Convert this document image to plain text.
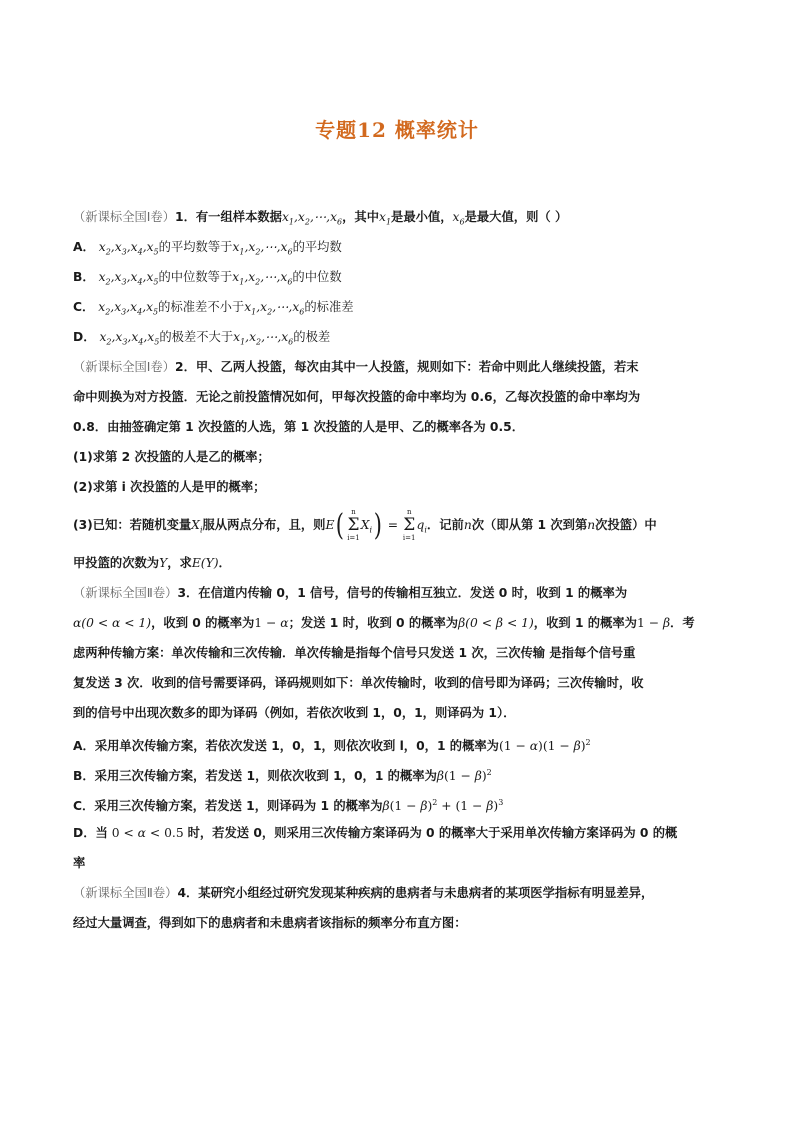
专题12 概率统计
（新课标全国Ⅰ卷）1．有一组样本数据$x_1,x_2,\cdots,x_6$，其中$x_1$是最小值，$x_6$是最大值，则（ ）
A． $x_2,x_3,x_4,x_5$的平均数等于$x_1,x_2,\cdots,x_6$的平均数
B． $x_2,x_3,x_4,x_5$的中位数等于$x_1,x_2,\cdots,x_6$的中位数
C． $x_2,x_3,x_4,x_5$的标准差不小于$x_1,x_2,\cdots,x_6$的标准差
D． $x_2,x_3,x_4,x_5$的极差不大于$x_1,x_2,\cdots,x_6$的极差
（新课标全国Ⅰ卷）2．甲、乙两人投篮，每次由其中一人投篮，规则如下：若命中则此人继续投篮，若末
命中则换为对方投篮．无论之前投篮情况如何，甲每次投篮的命中率均为 0.6，乙每次投篮的命中率均为
0.8．由抽签确定第 1 次投篮的人选，第 1 次投篮的人是甲、乙的概率各为 0.5．
(1)求第 2 次投篮的人是乙的概率；
(2)求第 i 次投篮的人是甲的概率；
(3)已知：若随机变量$X_i$服从两点分布，且，则E( n
Σ
i=1
$X_i$) =
n
Σ
i=1
$q_i$．记前n次（即从第 1 次到第n次投篮）中
甲投篮的次数为Y，求E(Y)．
（新课标全国Ⅱ卷）3．在信道内传输 0，1 信号，信号的传输相互独立．发送 0 时，收到 1 的概率为
α(0 < α < 1)，收到 0 的概率为1 − α；发送 1 时，收到 0 的概率为β(0 < β < 1)，收到 1 的概率为1 − β．考
虑两种传输方案：单次传输和三次传输．单次传输是指每个信号只发送 1 次，三次传输 是指每个信号重
复发送 3 次．收到的信号需要译码，译码规则如下：单次传输时，收到的信号即为译码；三次传输时，收
到的信号中出现次数多的即为译码（例如，若依次收到 1，0，1，则译码为 1）．
A．采用单次传输方案，若依次发送 1，0，1，则依次收到 l，0，1 的概率为$(1 - \alpha)(1 - \beta)^2$
B．采用三次传输方案，若发送 1，则依次收到 1，0，1 的概率为$\beta(1 - \beta)^2$
C．采用三次传输方案，若发送 1，则译码为 1 的概率为$\beta(1 - \beta)^2 + (1 - \beta)^3$
D．当 0 < α < 0.5 时，若发送 0，则采用三次传输方案译码为 0 的概率大于采用单次传输方案译码为 0 的概
率
（新课标全国Ⅱ卷）4．某研究小组经过研究发现某种疾病的患病者与未患病者的某项医学指标有明显差异，
经过大量调查，得到如下的患病者和未患病者该指标的频率分布直方图：
